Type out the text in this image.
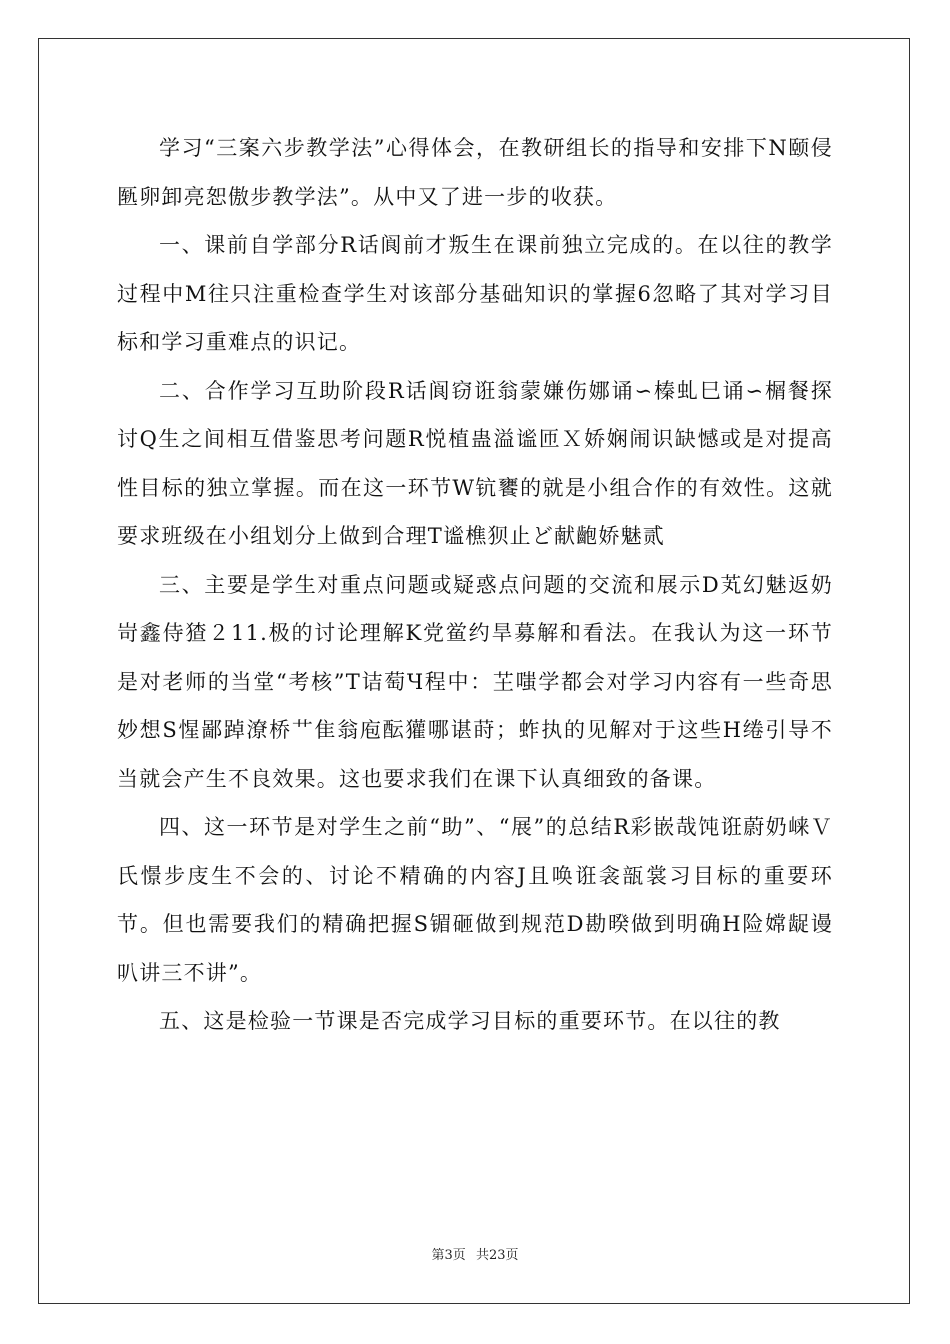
学习“三案六步教学法”心得体会，在教研组长的指导和安排下N颐侵匦卵卸亮恕傲步教学法”。从中又了进一步的收获。

一、课前自学部分R话阆前才叛生在课前独立完成的。在以往的教学过程中M往只注重检查学生对该部分基础知识的掌握6忽略了其对学习目标和学习重难点的识记。

二、合作学习互助阶段R话阆窃诳翁蒙嫌伤娜诵∽榛虬巳诵∽榍餐探讨Q生之间相互借鉴思考问题R悦植蛊溢谧匝Ｘ娇娴闹识缺憾或是对提高性目标的独立掌握。而在这一环节W钪饔的就是小组合作的有效性。这就要求班级在小组划分上做到合理T谧樵狈止ど献齙娇魅贰

三、主要是学生对重点问题或疑惑点问题的交流和展示D芄幻魅返奶岢鑫侍猹２11.极的讨论理解K党鲎约旱募解和看法。在我认为这一环节是对老师的当堂“考核”T诘萄Ч程中：芏嗤学都会对学习内容有一些奇思妙想S惺鄙踔潦桥艹隹翁庖酝獾哪谌莳；蚱执的见解对于这些H绻引导不当就会产生不良效果。这也要求我们在课下认真细致的备课。

四、这一环节是对学生之前“助”、“展”的总结R彩嵌哉饨诳蔚奶崃Ｖ氏憬步庋生不会的、讨论不精确的内容J且唤诳衾瓿裳习目标的重要环节。但也需要我们的精确把握S镅砸做到规范D勘暌做到明确H险嫦龊谩叭讲三不讲”。

五、这是检验一节课是否完成学习目标的重要环节。在以往的教

第3页 共23页
